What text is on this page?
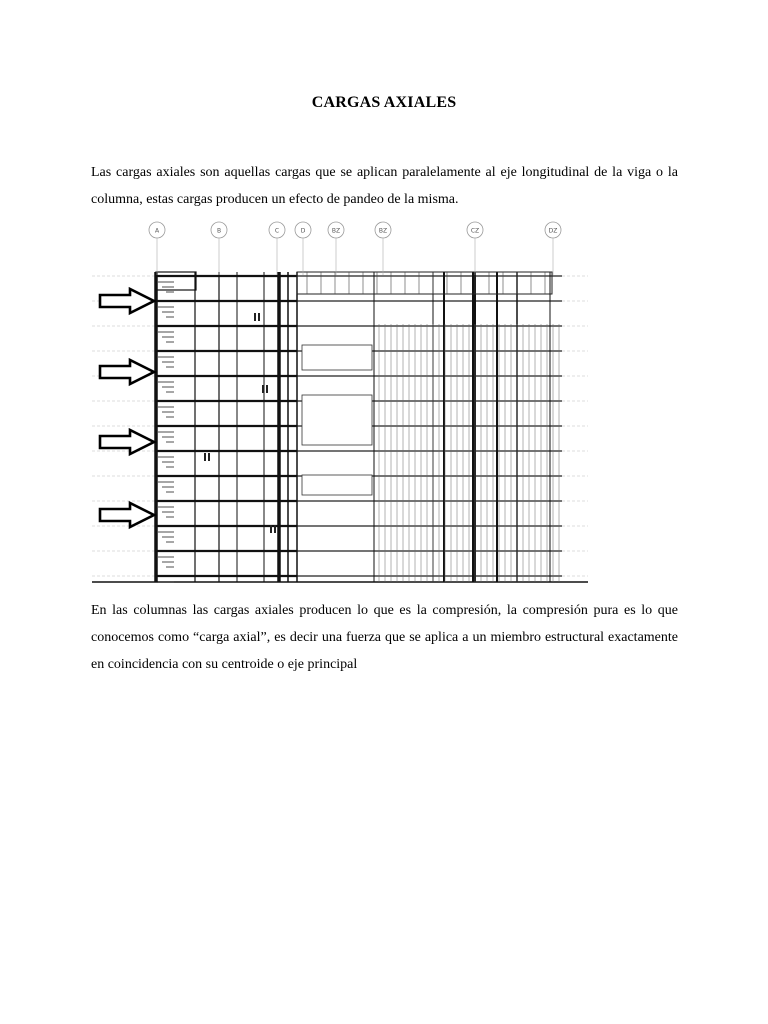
CARGAS AXIALES
Las cargas axiales son aquellas cargas que se aplican paralelamente al eje longitudinal de la viga o la columna, estas cargas producen un efecto de pandeo de la misma.
A	B	C	D	BZ	BZ	CZ	DZ
En las columnas las cargas axiales producen lo que es la compresión, la compresión pura es lo que conocemos como “carga axial”, es decir una fuerza que se aplica a un miembro estructural exactamente en coincidencia con su centroide o eje principal
